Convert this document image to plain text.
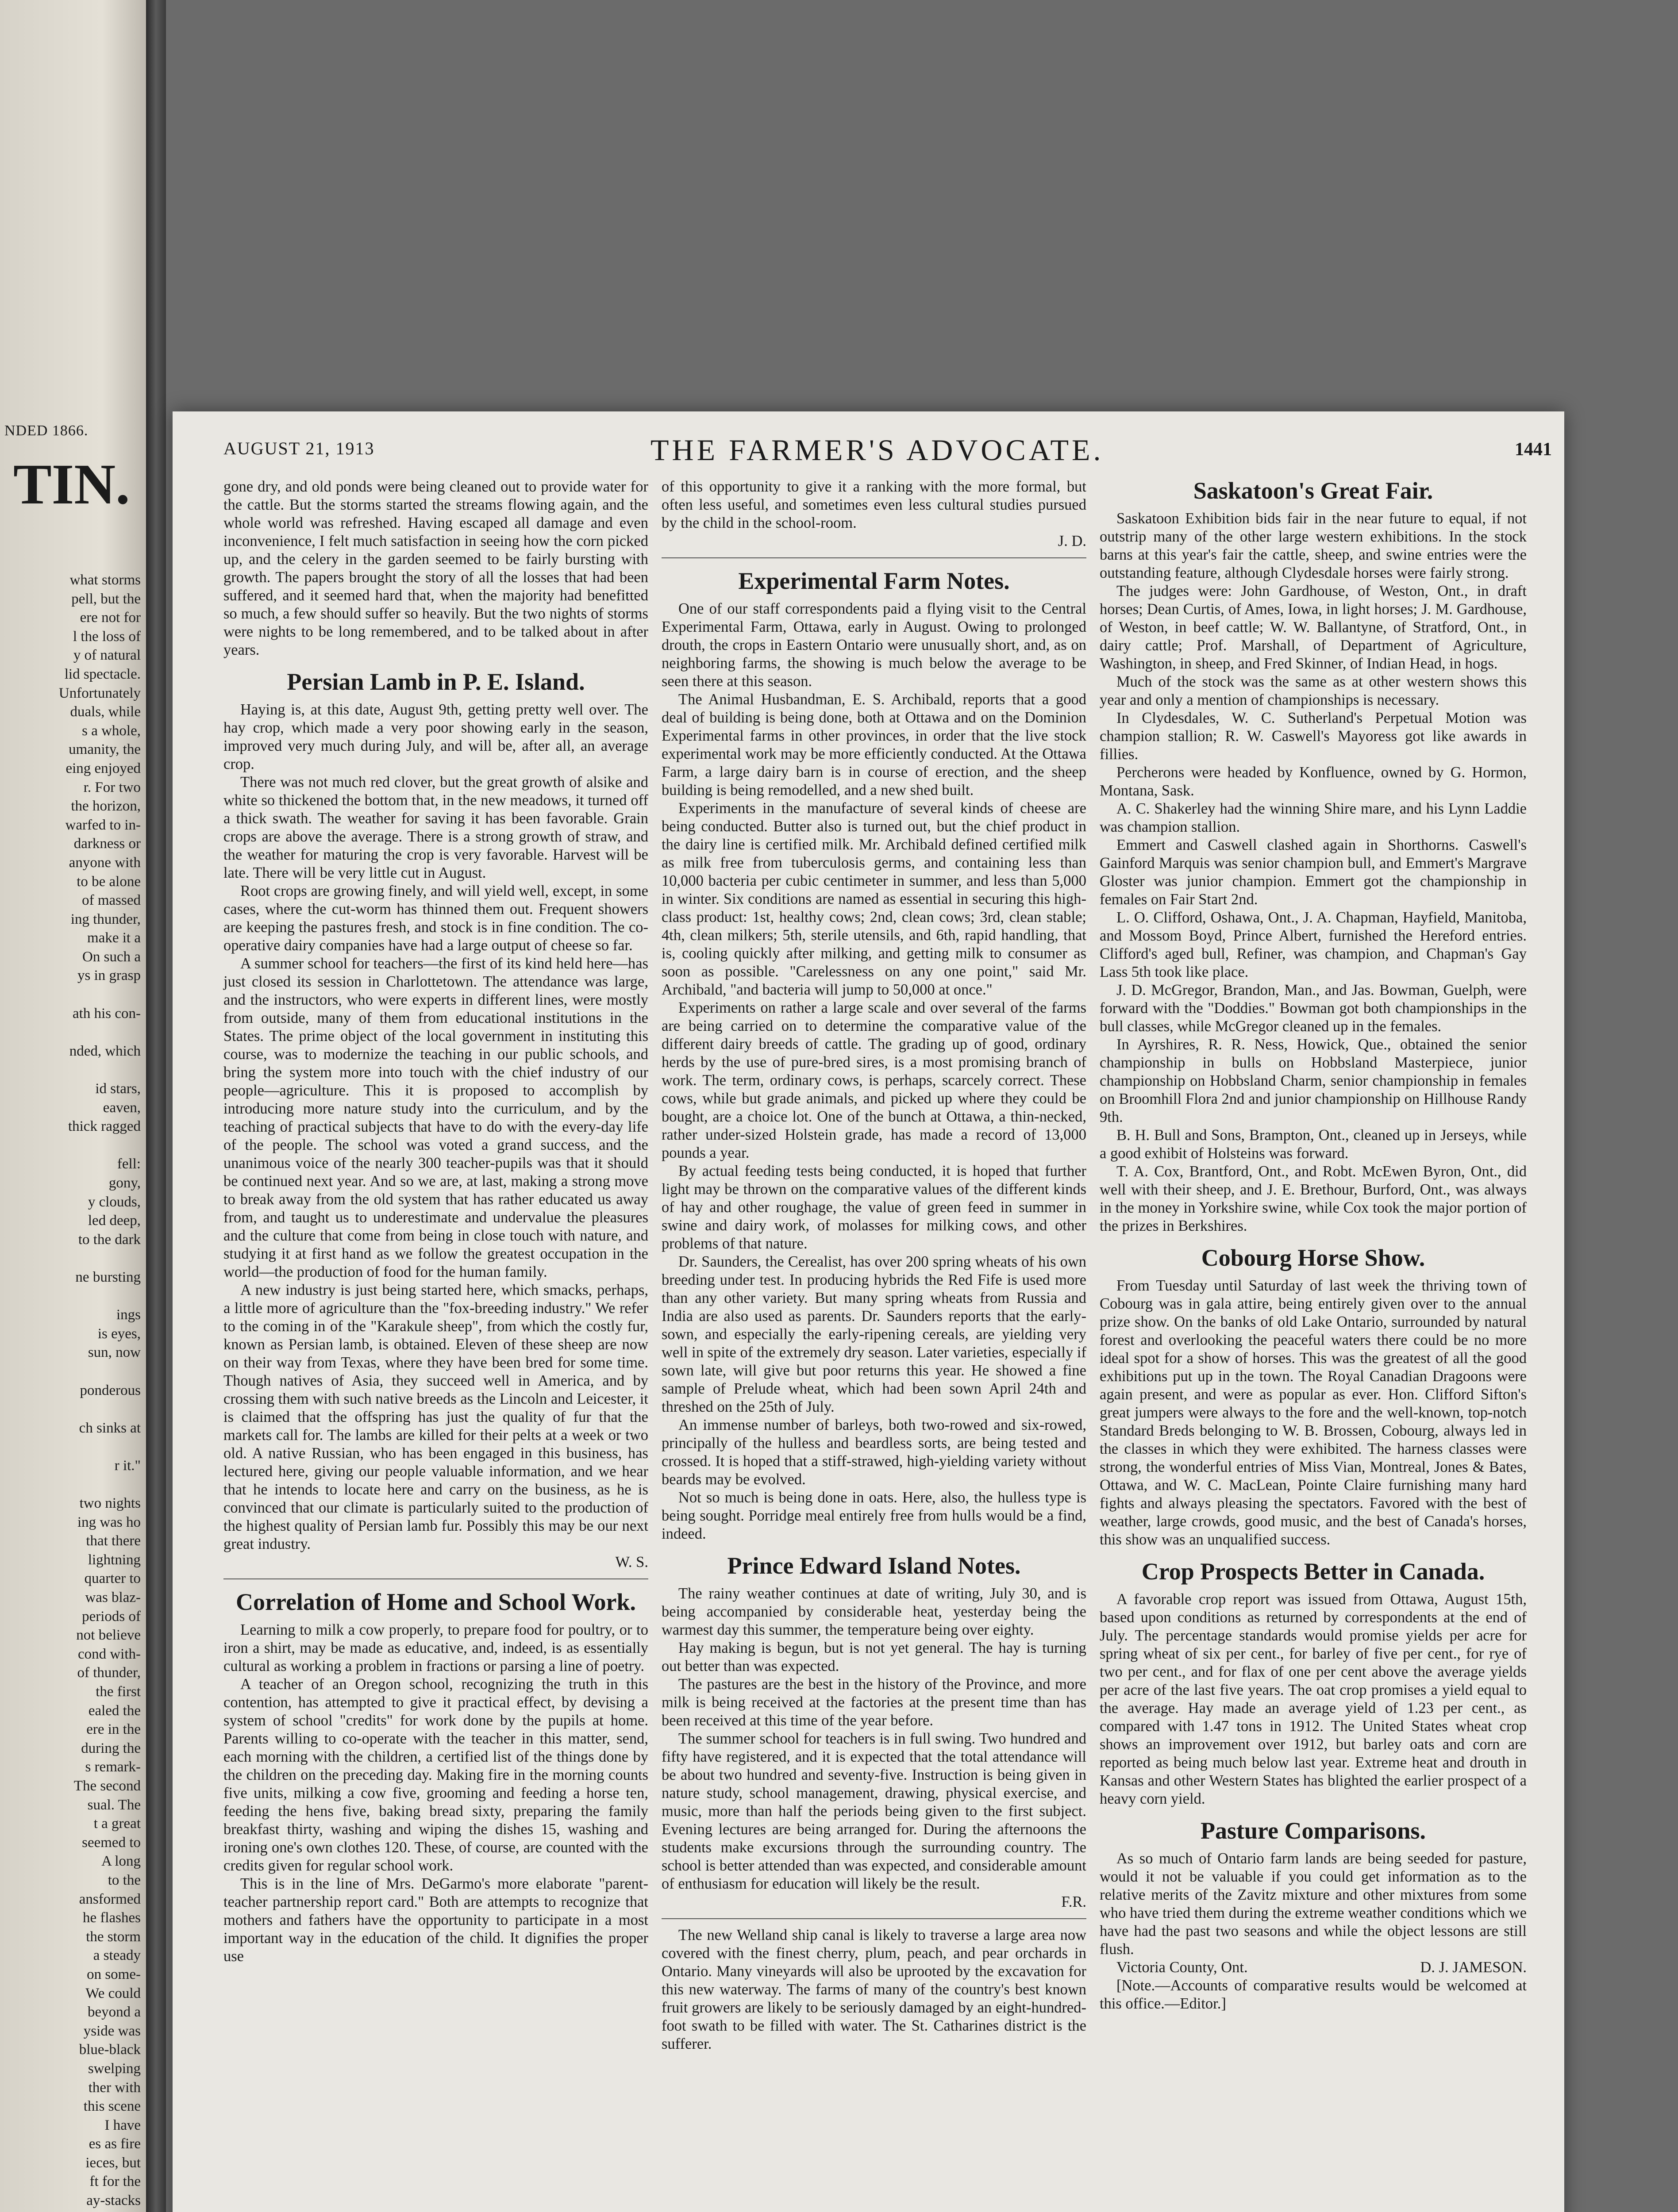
NDED 1866.
TIN.
what storms
pell, but the
ere not for
l the loss of
y of natural
lid spectacle.
Unfortunately
duals, while
s a whole,
umanity, the
eing enjoyed
r. For two
the horizon,
warfed to in-
darkness or
anyone with
to be alone
of massed
ing thunder,
make it a
On such a
ys in grasp

ath his con-

nded, which

id stars,
eaven,
thick ragged

fell:
gony,
y clouds,
led deep,
to the dark

ne bursting

ings
is eyes,
sun, now

ponderous

ch sinks at

r it."

two nights
ing was ho
that there
lightning
quarter to
was blaz-
periods of
not believe
cond with-
of thunder,
the first
ealed the
ere in the
during the
s remark-
The second
sual. The
t a great
seemed to
A long
to the
ansformed
he flashes
the storm
a steady
on some-
We could
beyond a
yside was
blue-black
swelping
ther with
this scene
I have
es as fire
ieces, but
ft for the
ay-stacks

AUGUST 21, 1913	THE FARMER'S ADVOCATE.	1441

gone dry, and old ponds were being cleaned out to provide water for the cattle. But the storms started the streams flowing again, and the whole world was refreshed. Having escaped all damage and even inconvenience, I felt much satisfaction in seeing how the corn picked up, and the celery in the garden seemed to be fairly bursting with growth. The papers brought the story of all the losses that had been suffered, and it seemed hard that, when the majority had benefitted so much, a few should suffer so heavily. But the two nights of storms were nights to be long remembered, and to be talked about in after years.

Persian Lamb in P. E. Island.

Haying is, at this date, August 9th, getting pretty well over. The hay crop, which made a very poor showing early in the season, improved very much during July, and will be, after all, an average crop.

There was not much red clover, but the great growth of alsike and white so thickened the bottom that, in the new meadows, it turned off a thick swath. The weather for saving it has been favorable. Grain crops are above the average. There is a strong growth of straw, and the weather for maturing the crop is very favorable. Harvest will be late. There will be very little cut in August.

Root crops are growing finely, and will yield well, except, in some cases, where the cut-worm has thinned them out. Frequent showers are keeping the pastures fresh, and stock is in fine condition. The co-operative dairy companies have had a large output of cheese so far.

A summer school for teachers—the first of its kind held here—has just closed its session in Charlottetown. The attendance was large, and the instructors, who were experts in different lines, were mostly from outside, many of them from educational institutions in the States. The prime object of the local government in instituting this course, was to modernize the teaching in our public schools, and bring the system more into touch with the chief industry of our people—agriculture. This it is proposed to accomplish by introducing more nature study into the curriculum, and by the teaching of practical subjects that have to do with the every-day life of the people. The school was voted a grand success, and the unanimous voice of the nearly 300 teacher-pupils was that it should be continued next year. And so we are, at last, making a strong move to break away from the old system that has rather educated us away from, and taught us to underestimate and undervalue the pleasures and the culture that come from being in close touch with nature, and studying it at first hand as we follow the greatest occupation in the world—the production of food for the human family.

A new industry is just being started here, which smacks, perhaps, a little more of agriculture than the "fox-breeding industry." We refer to the coming in of the "Karakule sheep", from which the costly fur, known as Persian lamb, is obtained. Eleven of these sheep are now on their way from Texas, where they have been bred for some time. Though natives of Asia, they succeed well in America, and by crossing them with such native breeds as the Lincoln and Leicester, it is claimed that the offspring has just the quality of fur that the markets call for. The lambs are killed for their pelts at a week or two old. A native Russian, who has been engaged in this business, has lectured here, giving our people valuable information, and we hear that he intends to locate here and carry on the business, as he is convinced that our climate is particularly suited to the production of the highest quality of Persian lamb fur. Possibly this may be our next great industry.

W. S.

Correlation of Home and School Work.

Learning to milk a cow properly, to prepare food for poultry, or to iron a shirt, may be made as educative, and, indeed, is as essentially cultural as working a problem in fractions or parsing a line of poetry.

A teacher of an Oregon school, recognizing the truth in this contention, has attempted to give it practical effect, by devising a system of school "credits" for work done by the pupils at home. Parents willing to co-operate with the teacher in this matter, send, each morning with the children, a certified list of the things done by the children on the preceding day. Making fire in the morning counts five units, milking a cow five, grooming and feeding a horse ten, feeding the hens five, baking bread sixty, preparing the family breakfast thirty, washing and wiping the dishes 15, washing and ironing one's own clothes 120. These, of course, are counted with the credits given for regular school work.

This is in the line of Mrs. DeGarmo's more elaborate "parent-teacher partnership report card." Both are attempts to recognize that mothers and fathers have the opportunity to participate in a most important way in the education of the child. It dignifies the proper use

of this opportunity to give it a ranking with the more formal, but often less useful, and sometimes even less cultural studies pursued by the child in the school-room.

J. D.

Experimental Farm Notes.

One of our staff correspondents paid a flying visit to the Central Experimental Farm, Ottawa, early in August. Owing to prolonged drouth, the crops in Eastern Ontario were unusually short, and, as on neighboring farms, the showing is much below the average to be seen there at this season.

The Animal Husbandman, E. S. Archibald, reports that a good deal of building is being done, both at Ottawa and on the Dominion Experimental farms in other provinces, in order that the live stock experimental work may be more efficiently conducted. At the Ottawa Farm, a large dairy barn is in course of erection, and the sheep building is being remodelled, and a new shed built.

Experiments in the manufacture of several kinds of cheese are being conducted. Butter also is turned out, but the chief product in the dairy line is certified milk. Mr. Archibald defined certified milk as milk free from tuberculosis germs, and containing less than 10,000 bacteria per cubic centimeter in summer, and less than 5,000 in winter. Six conditions are named as essential in securing this high-class product: 1st, healthy cows; 2nd, clean cows; 3rd, clean stable; 4th, clean milkers; 5th, sterile utensils, and 6th, rapid handling, that is, cooling quickly after milking, and getting milk to consumer as soon as possible. "Carelessness on any one point," said Mr. Archibald, "and bacteria will jump to 50,000 at once."

Experiments on rather a large scale and over several of the farms are being carried on to determine the comparative value of the different dairy breeds of cattle. The grading up of good, ordinary herds by the use of pure-bred sires, is a most promising branch of work. The term, ordinary cows, is perhaps, scarcely correct. These cows, while but grade animals, and picked up where they could be bought, are a choice lot. One of the bunch at Ottawa, a thin-necked, rather under-sized Holstein grade, has made a record of 13,000 pounds a year.

By actual feeding tests being conducted, it is hoped that further light may be thrown on the comparative values of the different kinds of hay and other roughage, the value of green feed in summer in swine and dairy work, of molasses for milking cows, and other problems of that nature.

Dr. Saunders, the Cerealist, has over 200 spring wheats of his own breeding under test. In producing hybrids the Red Fife is used more than any other variety. But many spring wheats from Russia and India are also used as parents. Dr. Saunders reports that the early-sown, and especially the early-ripening cereals, are yielding very well in spite of the extremely dry season. Later varieties, especially if sown late, will give but poor returns this year. He showed a fine sample of Prelude wheat, which had been sown April 24th and threshed on the 25th of July.

An immense number of barleys, both two-rowed and six-rowed, principally of the hulless and beardless sorts, are being tested and crossed. It is hoped that a stiff-strawed, high-yielding variety without beards may be evolved.

Not so much is being done in oats. Here, also, the hulless type is being sought. Porridge meal entirely free from hulls would be a find, indeed.

Prince Edward Island Notes.

The rainy weather continues at date of writing, July 30, and is being accompanied by considerable heat, yesterday being the warmest day this summer, the temperature being over eighty.

Hay making is begun, but is not yet general. The hay is turning out better than was expected.

The pastures are the best in the history of the Province, and more milk is being received at the factories at the present time than has been received at this time of the year before.

The summer school for teachers is in full swing. Two hundred and fifty have registered, and it is expected that the total attendance will be about two hundred and seventy-five. Instruction is being given in nature study, school management, drawing, physical exercise, and music, more than half the periods being given to the first subject. Evening lectures are being arranged for. During the afternoons the students make excursions through the surrounding country. The school is better attended than was expected, and considerable amount of enthusiasm for education will likely be the result.

F.R.

The new Welland ship canal is likely to traverse a large area now covered with the finest cherry, plum, peach, and pear orchards in Ontario. Many vineyards will also be uprooted by the excavation for this new waterway. The farms of many of the country's best known fruit growers are likely to be seriously damaged by an eight-hundred-foot swath to be filled with water. The St. Catharines district is the sufferer.

Saskatoon's Great Fair.

Saskatoon Exhibition bids fair in the near future to equal, if not outstrip many of the other large western exhibitions. In the stock barns at this year's fair the cattle, sheep, and swine entries were the outstanding feature, although Clydesdale horses were fairly strong.

The judges were: John Gardhouse, of Weston, Ont., in draft horses; Dean Curtis, of Ames, Iowa, in light horses; J. M. Gardhouse, of Weston, in beef cattle; W. W. Ballantyne, of Stratford, Ont., in dairy cattle; Prof. Marshall, of Department of Agriculture, Washington, in sheep, and Fred Skinner, of Indian Head, in hogs.

Much of the stock was the same as at other western shows this year and only a mention of championships is necessary.

In Clydesdales, W. C. Sutherland's Perpetual Motion was champion stallion; R. W. Caswell's Mayoress got like awards in fillies.

Percherons were headed by Konfluence, owned by G. Hormon, Montana, Sask.

A. C. Shakerley had the winning Shire mare, and his Lynn Laddie was champion stallion.

Emmert and Caswell clashed again in Shorthorns. Caswell's Gainford Marquis was senior champion bull, and Emmert's Margrave Gloster was junior champion. Emmert got the championship in females on Fair Start 2nd.

L. O. Clifford, Oshawa, Ont., J. A. Chapman, Hayfield, Manitoba, and Mossom Boyd, Prince Albert, furnished the Hereford entries. Clifford's aged bull, Refiner, was champion, and Chapman's Gay Lass 5th took like place.

J. D. McGregor, Brandon, Man., and Jas. Bowman, Guelph, were forward with the "Doddies." Bowman got both championships in the bull classes, while McGregor cleaned up in the females.

In Ayrshires, R. R. Ness, Howick, Que., obtained the senior championship in bulls on Hobbsland Masterpiece, junior championship on Hobbsland Charm, senior championship in females on Broomhill Flora 2nd and junior championship on Hillhouse Randy 9th.

B. H. Bull and Sons, Brampton, Ont., cleaned up in Jerseys, while a good exhibit of Holsteins was forward.

T. A. Cox, Brantford, Ont., and Robt. McEwen Byron, Ont., did well with their sheep, and J. E. Brethour, Burford, Ont., was always in the money in Yorkshire swine, while Cox took the major portion of the prizes in Berkshires.

Cobourg Horse Show.

From Tuesday until Saturday of last week the thriving town of Cobourg was in gala attire, being entirely given over to the annual prize show. On the banks of old Lake Ontario, surrounded by natural forest and overlooking the peaceful waters there could be no more ideal spot for a show of horses. This was the greatest of all the good exhibitions put up in the town. The Royal Canadian Dragoons were again present, and were as popular as ever. Hon. Clifford Sifton's great jumpers were always to the fore and the well-known, top-notch Standard Breds belonging to W. B. Brossen, Cobourg, always led in the classes in which they were exhibited. The harness classes were strong, the wonderful entries of Miss Vian, Montreal, Jones & Bates, Ottawa, and W. C. MacLean, Pointe Claire furnishing many hard fights and always pleasing the spectators. Favored with the best of weather, large crowds, good music, and the best of Canada's horses, this show was an unqualified success.

Crop Prospects Better in Canada.

A favorable crop report was issued from Ottawa, August 15th, based upon conditions as returned by correspondents at the end of July. The percentage standards would promise yields per acre for spring wheat of six per cent., for barley of five per cent., for rye of two per cent., and for flax of one per cent above the average yields per acre of the last five years. The oat crop promises a yield equal to the average. Hay made an average yield of 1.23 per cent., as compared with 1.47 tons in 1912. The United States wheat crop shows an improvement over 1912, but barley oats and corn are reported as being much below last year. Extreme heat and drouth in Kansas and other Western States has blighted the earlier prospect of a heavy corn yield.

Pasture Comparisons.

As so much of Ontario farm lands are being seeded for pasture, would it not be valuable if you could get information as to the relative merits of the Zavitz mixture and other mixtures from some who have tried them during the extreme weather conditions which we have had the past two seasons and while the object lessons are still flush.

Victoria County, Ont.	D. J. JAMESON.

[Note.—Accounts of comparative results would be welcomed at this office.—Editor.]
